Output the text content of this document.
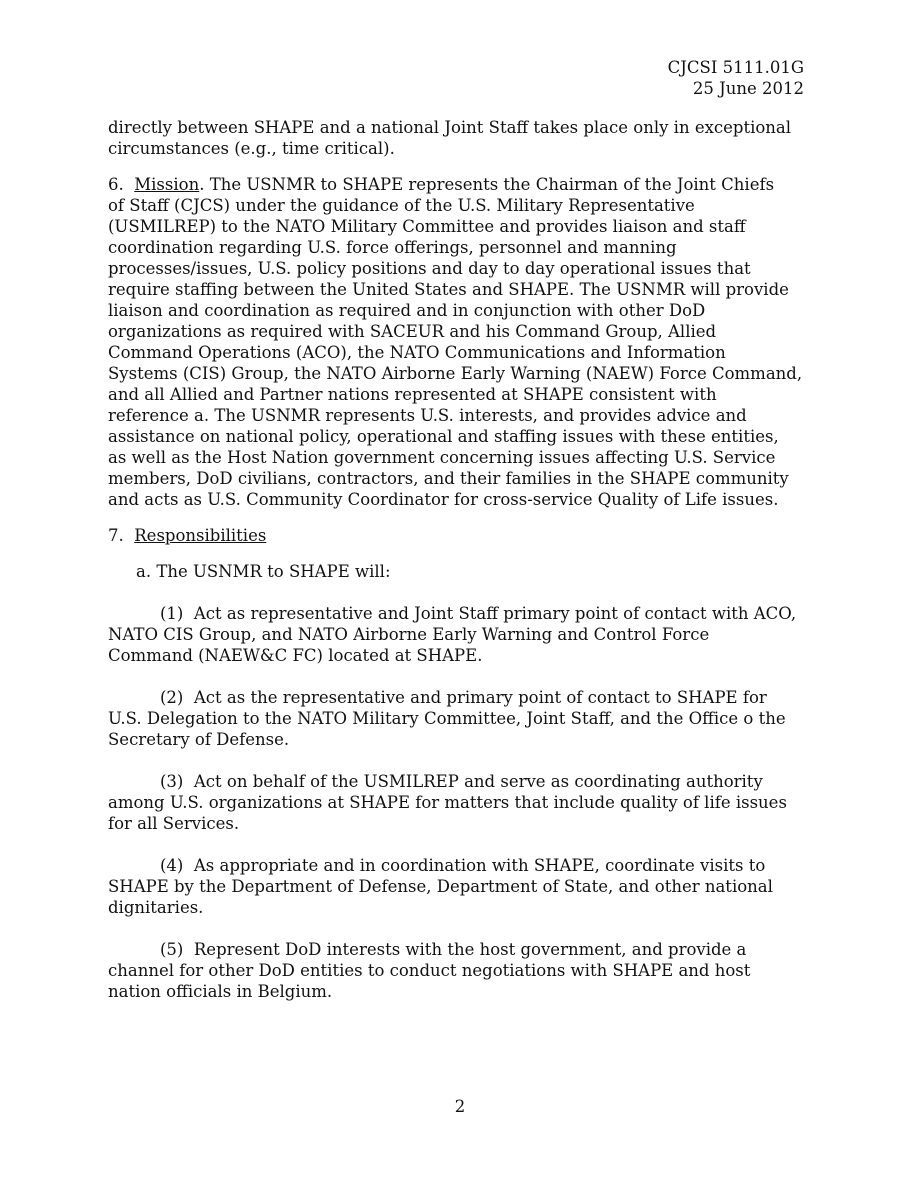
CJCSI 5111.01G
25 June 2012

directly between SHAPE and a national Joint Staff takes place only in exceptional
circumstances (e.g., time critical).

6. Mission. The USNMR to SHAPE represents the Chairman of the Joint Chiefs
of Staff (CJCS) under the guidance of the U.S. Military Representative
(USMILREP) to the NATO Military Committee and provides liaison and staff
coordination regarding U.S. force offerings, personnel and manning
processes/issues, U.S. policy positions and day to day operational issues that
require staffing between the United States and SHAPE. The USNMR will provide
liaison and coordination as required and in conjunction with other DoD
organizations as required with SACEUR and his Command Group, Allied
Command Operations (ACO), the NATO Communications and Information
Systems (CIS) Group, the NATO Airborne Early Warning (NAEW) Force Command,
and all Allied and Partner nations represented at SHAPE consistent with
reference a. The USNMR represents U.S. interests, and provides advice and
assistance on national policy, operational and staffing issues with these entities,
as well as the Host Nation government concerning issues affecting U.S. Service
members, DoD civilians, contractors, and their families in the SHAPE community
and acts as U.S. Community Coordinator for cross-service Quality of Life issues.

7. Responsibilities

a. The USNMR to SHAPE will:

(1) Act as representative and Joint Staff primary point of contact with ACO,
NATO CIS Group, and NATO Airborne Early Warning and Control Force
Command (NAEW&C FC) located at SHAPE.

(2) Act as the representative and primary point of contact to SHAPE for
U.S. Delegation to the NATO Military Committee, Joint Staff, and the Office o the
Secretary of Defense.

(3) Act on behalf of the USMILREP and serve as coordinating authority
among U.S. organizations at SHAPE for matters that include quality of life issues
for all Services.

(4) As appropriate and in coordination with SHAPE, coordinate visits to
SHAPE by the Department of Defense, Department of State, and other national
dignitaries.

(5) Represent DoD interests with the host government, and provide a
channel for other DoD entities to conduct negotiations with SHAPE and host
nation officials in Belgium.

2
